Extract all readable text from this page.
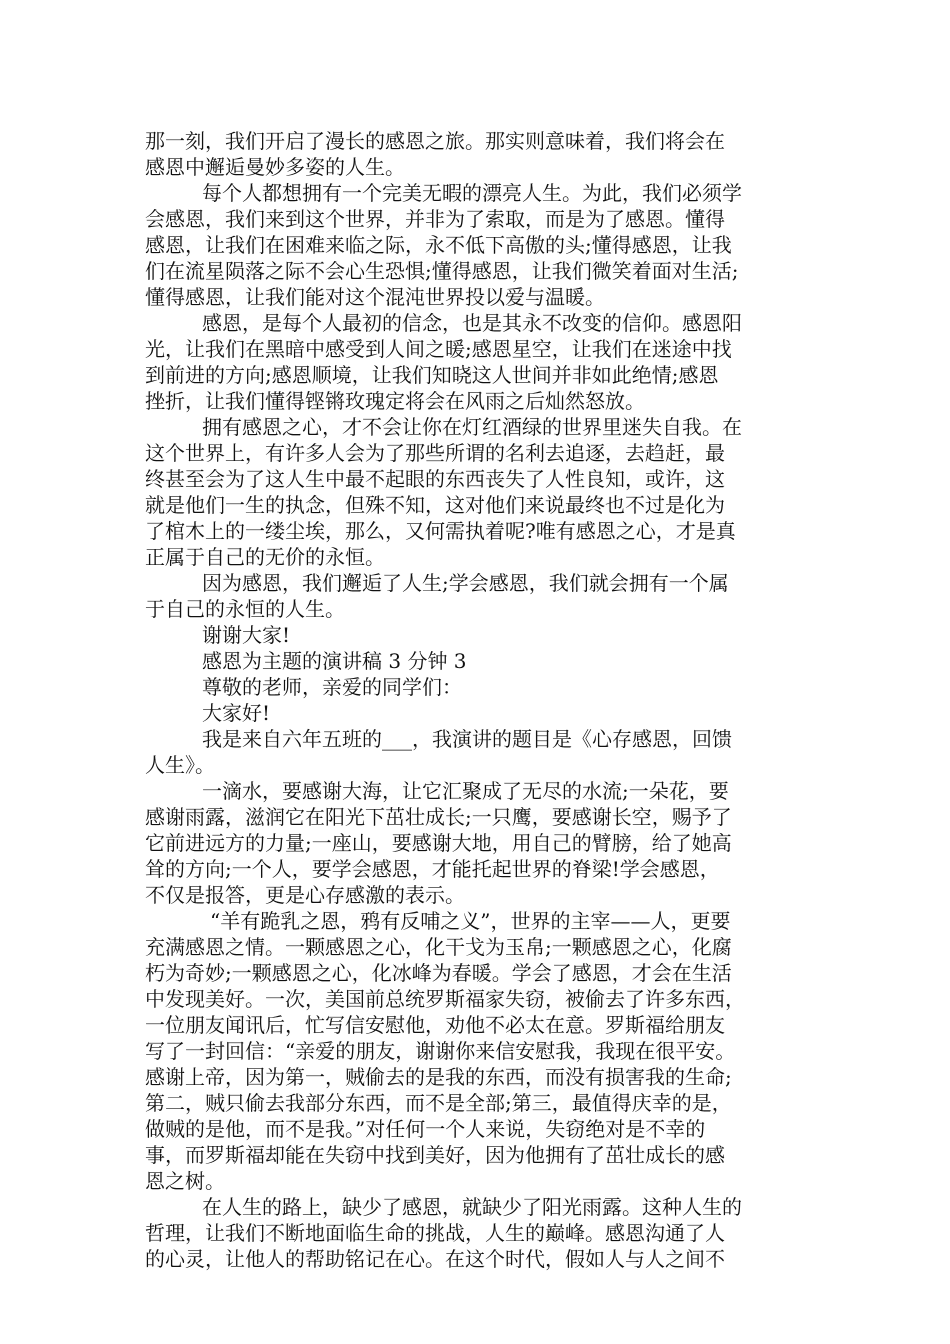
那一刻，我们开启了漫长的感恩之旅。那实则意味着，我们将会在
感恩中邂逅曼妙多姿的人生。
每个人都想拥有一个完美无暇的漂亮人生。为此，我们必须学
会感恩，我们来到这个世界，并非为了索取，而是为了感恩。懂得
感恩，让我们在困难来临之际，永不低下高傲的头;懂得感恩，让我
们在流星陨落之际不会心生恐惧;懂得感恩，让我们微笑着面对生活;
懂得感恩，让我们能对这个混沌世界投以爱与温暖。
感恩，是每个人最初的信念，也是其永不改变的信仰。感恩阳
光，让我们在黑暗中感受到人间之暖;感恩星空，让我们在迷途中找
到前进的方向;感恩顺境，让我们知晓这人世间并非如此绝情;感恩
挫折，让我们懂得铿锵玫瑰定将会在风雨之后灿然怒放。
拥有感恩之心，才不会让你在灯红酒绿的世界里迷失自我。在
这个世界上，有许多人会为了那些所谓的名利去追逐，去趋赶，最
终甚至会为了这人生中最不起眼的东西丧失了人性良知，或许，这
就是他们一生的执念，但殊不知，这对他们来说最终也不过是化为
了棺木上的一缕尘埃，那么，又何需执着呢?唯有感恩之心，才是真
正属于自己的无价的永恒。
因为感恩，我们邂逅了人生;学会感恩，我们就会拥有一个属
于自己的永恒的人生。
谢谢大家!
感恩为主题的演讲稿 3 分钟 3
尊敬的老师，亲爱的同学们：
大家好!
我是来自六年五班的___，我演讲的题目是《心存感恩，回馈
人生》。
一滴水，要感谢大海，让它汇聚成了无尽的水流;一朵花，要
感谢雨露，滋润它在阳光下茁壮成长;一只鹰，要感谢长空，赐予了
它前进远方的力量;一座山，要感谢大地，用自己的臂膀，给了她高
耸的方向;一个人，要学会感恩，才能托起世界的脊梁!学会感恩，
不仅是报答，更是心存感激的表示。
“羊有跪乳之恩，鸦有反哺之义”，世界的主宰——人，更要
充满感恩之情。一颗感恩之心，化干戈为玉帛;一颗感恩之心，化腐
朽为奇妙;一颗感恩之心，化冰峰为春暖。学会了感恩，才会在生活
中发现美好。一次，美国前总统罗斯福家失窃，被偷去了许多东西，
一位朋友闻讯后，忙写信安慰他，劝他不必太在意。罗斯福给朋友
写了一封回信：“亲爱的朋友，谢谢你来信安慰我，我现在很平安。
感谢上帝，因为第一，贼偷去的是我的东西，而没有损害我的生命;
第二，贼只偷去我部分东西，而不是全部;第三，最值得庆幸的是，
做贼的是他，而不是我。”对任何一个人来说，失窃绝对是不幸的
事，而罗斯福却能在失窃中找到美好，因为他拥有了茁壮成长的感
恩之树。
在人生的路上，缺少了感恩，就缺少了阳光雨露。这种人生的
哲理，让我们不断地面临生命的挑战，人生的巅峰。感恩沟通了人
的心灵，让他人的帮助铭记在心。在这个时代，假如人与人之间不
